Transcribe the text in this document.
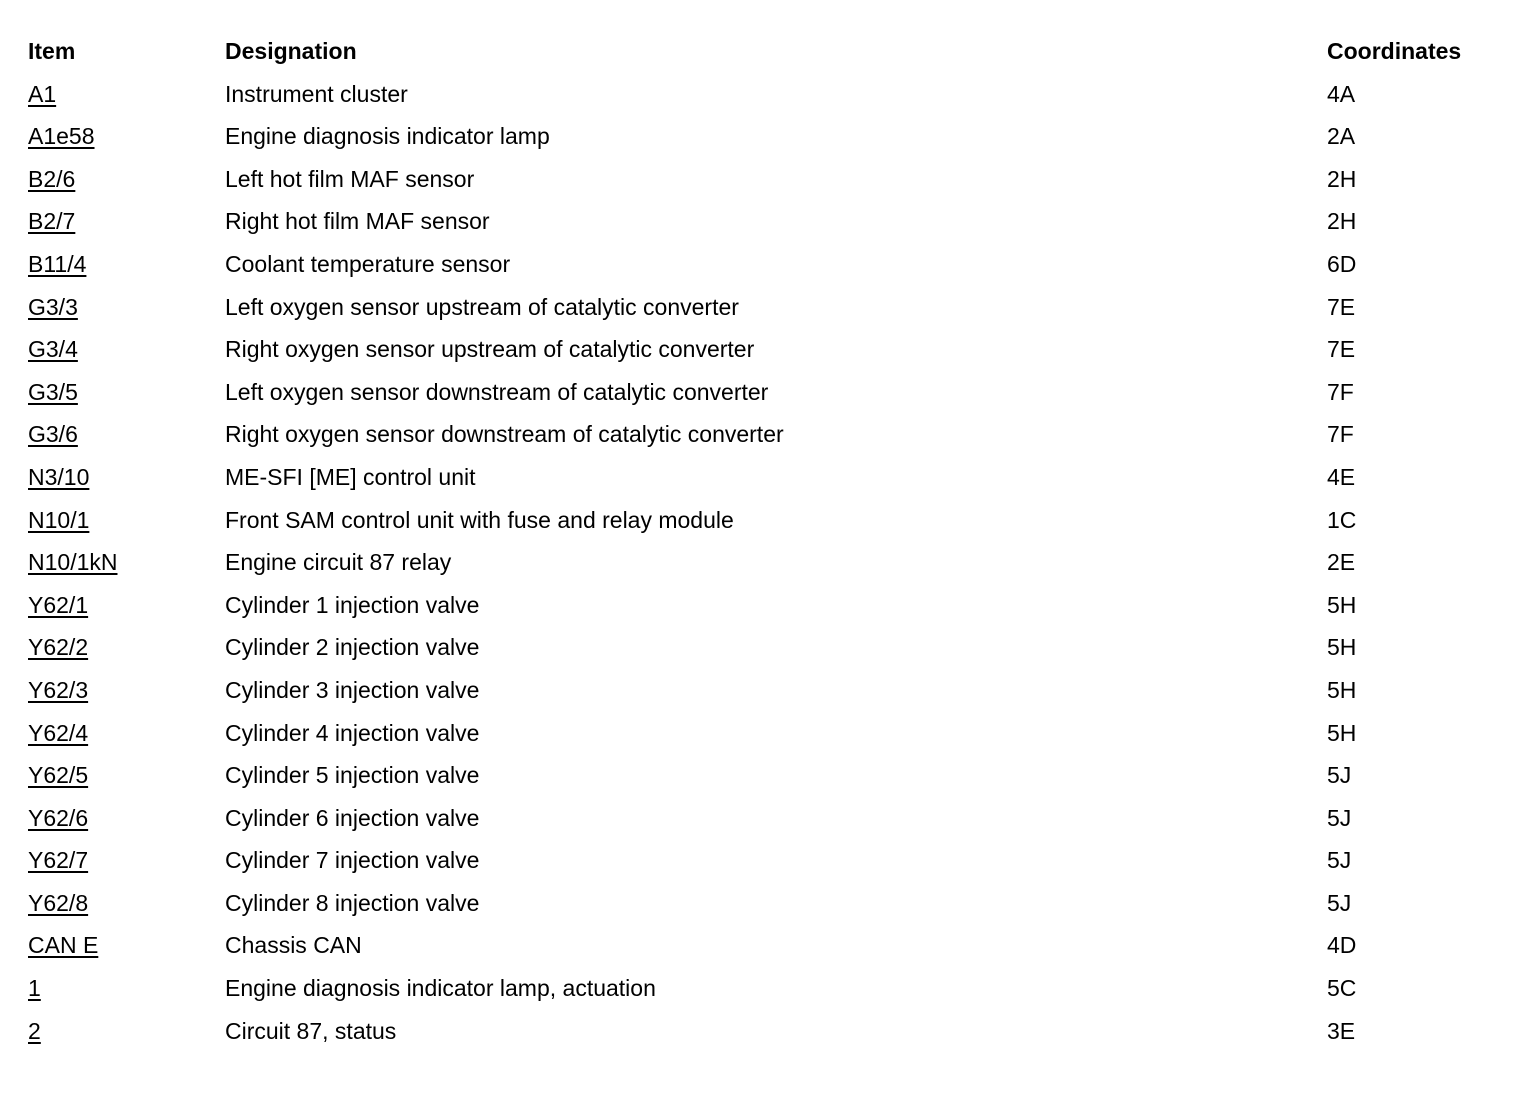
Item	Designation	Coordinates
A1	Instrument cluster	4A
A1e58	Engine diagnosis indicator lamp	2A
B2/6	Left hot film MAF sensor	2H
B2/7	Right hot film MAF sensor	2H
B11/4	Coolant temperature sensor	6D
G3/3	Left oxygen sensor upstream of catalytic converter	7E
G3/4	Right oxygen sensor upstream of catalytic converter	7E
G3/5	Left oxygen sensor downstream of catalytic converter	7F
G3/6	Right oxygen sensor downstream of catalytic converter	7F
N3/10	ME-SFI [ME] control unit	4E
N10/1	Front SAM control unit with fuse and relay module	1C
N10/1kN	Engine circuit 87 relay	2E
Y62/1	Cylinder 1 injection valve	5H
Y62/2	Cylinder 2 injection valve	5H
Y62/3	Cylinder 3 injection valve	5H
Y62/4	Cylinder 4 injection valve	5H
Y62/5	Cylinder 5 injection valve	5J
Y62/6	Cylinder 6 injection valve	5J
Y62/7	Cylinder 7 injection valve	5J
Y62/8	Cylinder 8 injection valve	5J
CAN E	Chassis CAN	4D
1	Engine diagnosis indicator lamp, actuation	5C
2	Circuit 87, status	3E
